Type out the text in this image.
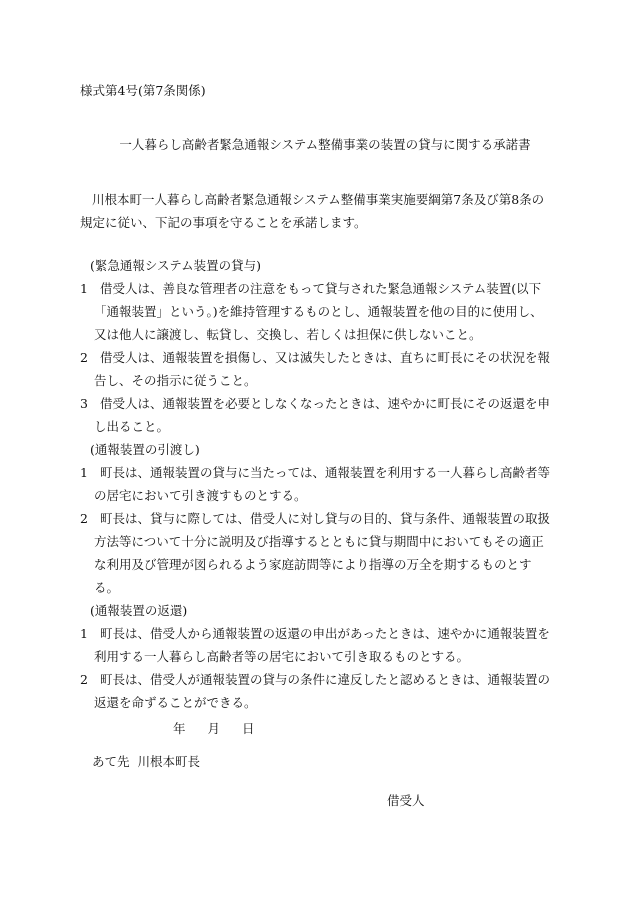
様式第4号(第7条関係)

一人暮らし高齢者緊急通報システム整備事業の装置の貸与に関する承諾書

川根本町一人暮らし高齢者緊急通報システム整備事業実施要綱第7条及び第8条の規定に従い、下記の事項を守ることを承諾します。

(緊急通報システム装置の貸与)

1 借受人は、善良な管理者の注意をもって貸与された緊急通報システム装置(以下「通報装置」という。)を維持管理するものとし、通報装置を他の目的に使用し、又は他人に譲渡し、転貸し、交換し、若しくは担保に供しないこと。

2 借受人は、通報装置を損傷し、又は滅失したときは、直ちに町長にその状況を報告し、その指示に従うこと。

3 借受人は、通報装置を必要としなくなったときは、速やかに町長にその返還を申し出ること。

(通報装置の引渡し)

1 町長は、通報装置の貸与に当たっては、通報装置を利用する一人暮らし高齢者等の居宅において引き渡すものとする。

2 町長は、貸与に際しては、借受人に対し貸与の目的、貸与条件、通報装置の取扱方法等について十分に説明及び指導するとともに貸与期間中においてもその適正な利用及び管理が図られるよう家庭訪問等により指導の万全を期するものとする。

(通報装置の返還)

1 町長は、借受人から通報装置の返還の申出があったときは、速やかに通報装置を利用する一人暮らし高齢者等の居宅において引き取るものとする。

2 町長は、借受人が通報装置の貸与の条件に違反したと認めるときは、通報装置の返還を命ずることができる。

年 月 日

あて先 川根本町長

借受人
